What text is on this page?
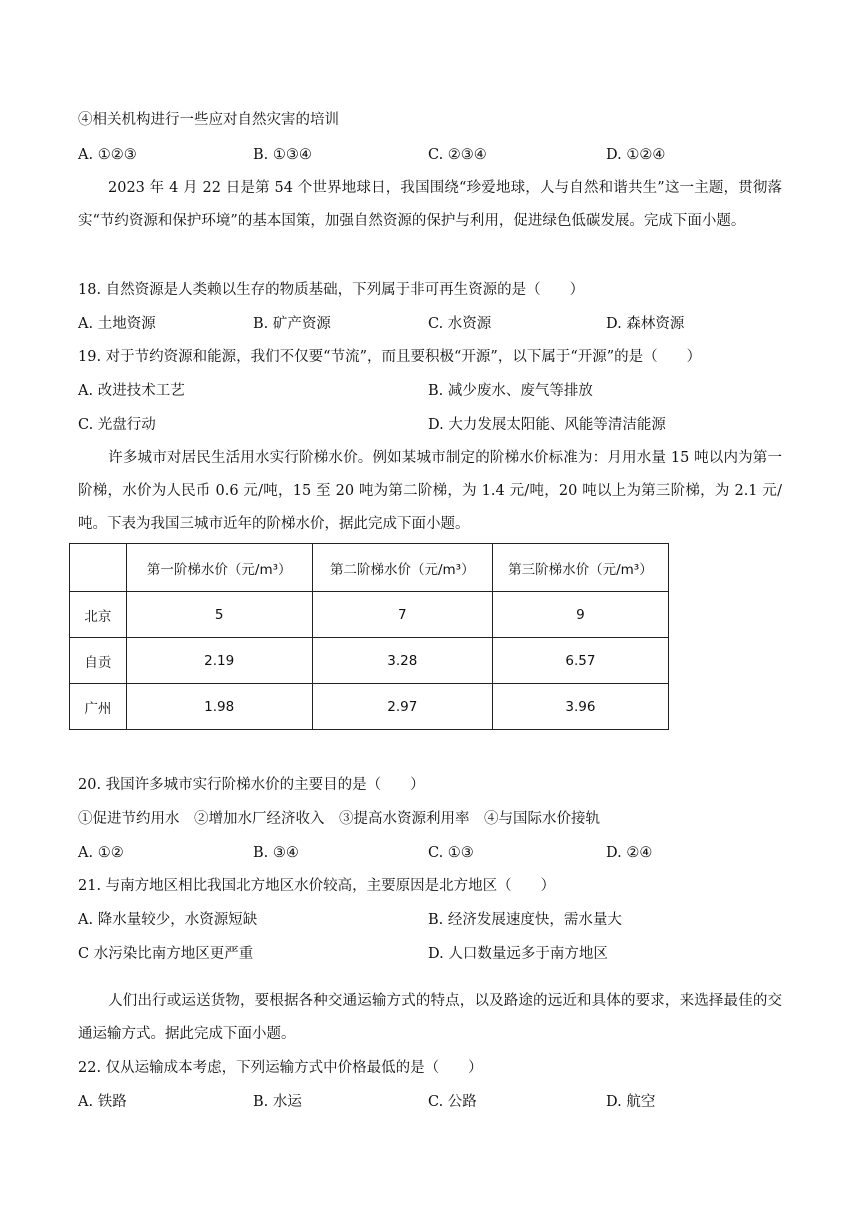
④相关机构进行一些应对自然灾害的培训
A. ①②③	B. ①③④	C. ②③④	D. ①②④
2023 年 4 月 22 日是第 54 个世界地球日，我国围绕“珍爱地球，人与自然和谐共生”这一主题，贯彻落实“节约资源和保护环境”的基本国策，加强自然资源的保护与利用，促进绿色低碳发展。完成下面小题。
18. 自然资源是人类赖以生存的物质基础，下列属于非可再生资源的是（　　）
A. 土地资源	B. 矿产资源	C. 水资源	D. 森林资源
19. 对于节约资源和能源，我们不仅要“节流”，而且要积极“开源”，以下属于“开源”的是（　　）
A. 改进技术工艺	B. 减少废水、废气等排放
C. 光盘行动	D. 大力发展太阳能、风能等清洁能源
许多城市对居民生活用水实行阶梯水价。例如某城市制定的阶梯水价标准为：月用水量 15 吨以内为第一阶梯，水价为人民币 0.6 元/吨，15 至 20 吨为第二阶梯，为 1.4 元/吨，20 吨以上为第三阶梯，为 2.1 元/吨。下表为我国三城市近年的阶梯水价，据此完成下面小题。
	第一阶梯水价（元/m³）	第二阶梯水价（元/m³）	第三阶梯水价（元/m³）
北京	5	7	9
自贡	2.19	3.28	6.57
广州	1.98	2.97	3.96
20. 我国许多城市实行阶梯水价的主要目的是（　　）
①促进节约用水　②增加水厂经济收入　③提高水资源利用率　④与国际水价接轨
A. ①②	B. ③④	C. ①③	D. ②④
21. 与南方地区相比我国北方地区水价较高，主要原因是北方地区（　　）
A. 降水量较少，水资源短缺	B. 经济发展速度快，需水量大
C 水污染比南方地区更严重	D. 人口数量远多于南方地区
人们出行或运送货物，要根据各种交通运输方式的特点，以及路途的远近和具体的要求，来选择最佳的交通运输方式。据此完成下面小题。
22. 仅从运输成本考虑，下列运输方式中价格最低的是（　　）
A. 铁路	B. 水运	C. 公路	D. 航空
